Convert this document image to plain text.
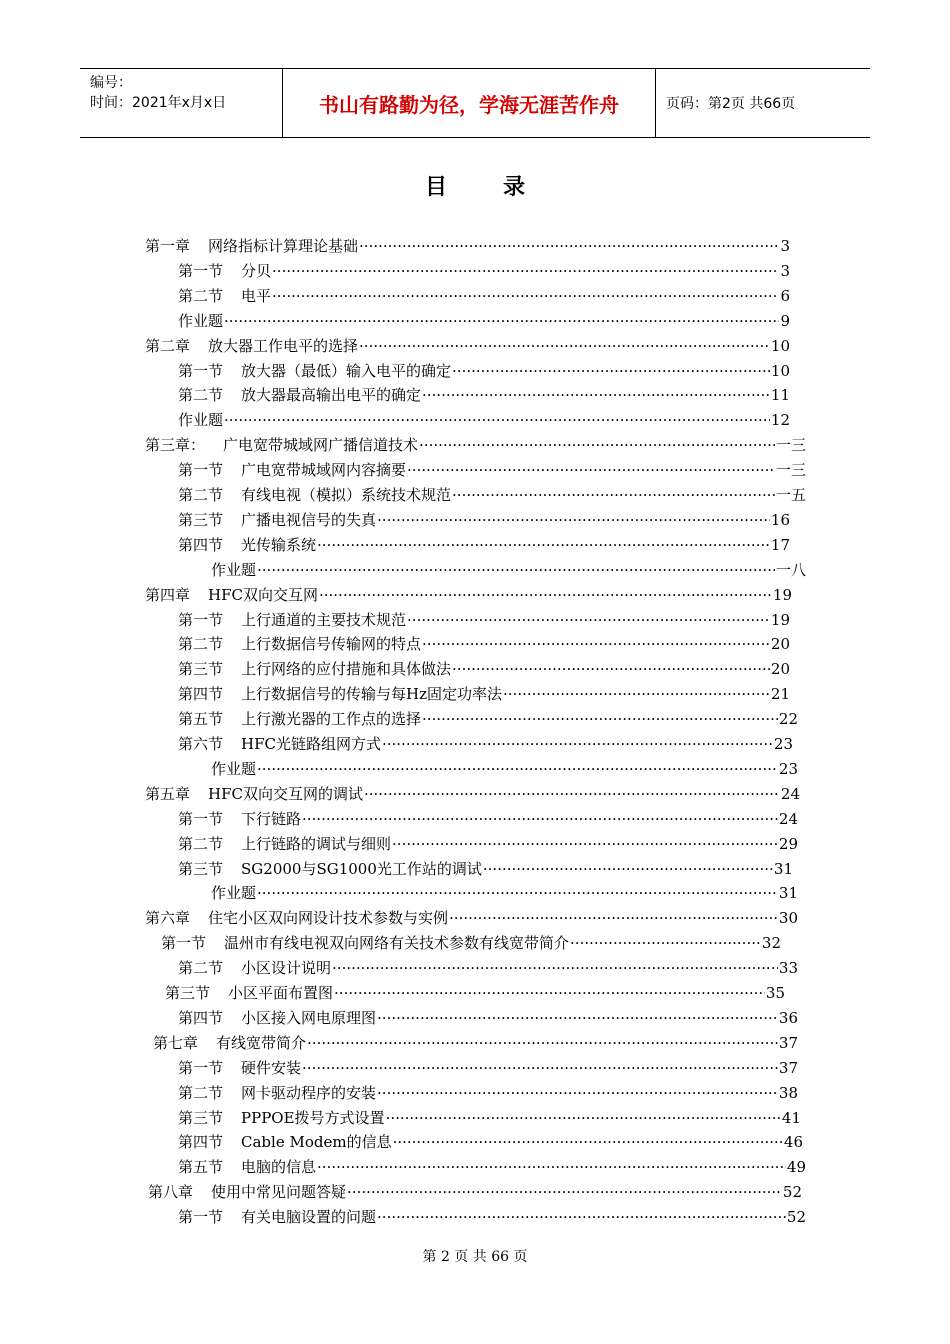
编号：
时间：2021年x月x日	书山有路勤为径，学海无涯苦作舟	页码：第2页 共66页
目录
第一章 网络指标计算理论基础 ·····	3
第一节 分贝 ·····	3
第二节 电平 ·····	6
作业题 ·····	9
第二章 放大器工作电平的选择 ·····	10
第一节 放大器（最低）输入电平的确定 ·····	10
第二节 放大器最高输出电平的确定 ·····	11
作业题 ·····	12
第三章： 广电宽带城域网广播信道技术 ·····	一三
第一节 广电宽带城域网内容摘要 ·····	一三
第二节 有线电视（模拟）系统技术规范 ·····	一五
第三节 广播电视信号的失真 ·····	16
第四节 光传输系统 ·····	17
作业题 ·····	一八
第四章 HFC双向交互网 ·····	19
第一节 上行通道的主要技术规范 ·····	19
第二节 上行数据信号传输网的特点 ·····	20
第三节 上行网络的应付措施和具体做法 ·····	20
第四节 上行数据信号的传输与每Hz固定功率法 ·····	21
第五节 上行激光器的工作点的选择 ·····	22
第六节 HFC光链路组网方式 ·····	23
作业题 ·····	23
第五章 HFC双向交互网的调试 ·····	24
第一节 下行链路 ·····	24
第二节 上行链路的调试与细则 ·····	29
第三节 SG2000与SG1000光工作站的调试 ·····	31
作业题 ·····	31
第六章 住宅小区双向网设计技术参数与实例 ·····	30
第一节 温州市有线电视双向网络有关技术参数有线宽带简介 ·····	32
第二节 小区设计说明 ·····	33
第三节 小区平面布置图 ·····	35
第四节 小区接入网电原理图 ·····	36
第七章 有线宽带简介 ·····	37
第一节 硬件安装 ·····	37
第二节 网卡驱动程序的安装 ·····	38
第三节 PPPOE拨号方式设置 ·····	41
第四节 Cable Modem的信息 ·····	46
第五节 电脑的信息 ·····	49
第八章 使用中常见问题答疑 ·····	52
第一节 有关电脑设置的问题 ·····	52
第 2 页 共 66 页
